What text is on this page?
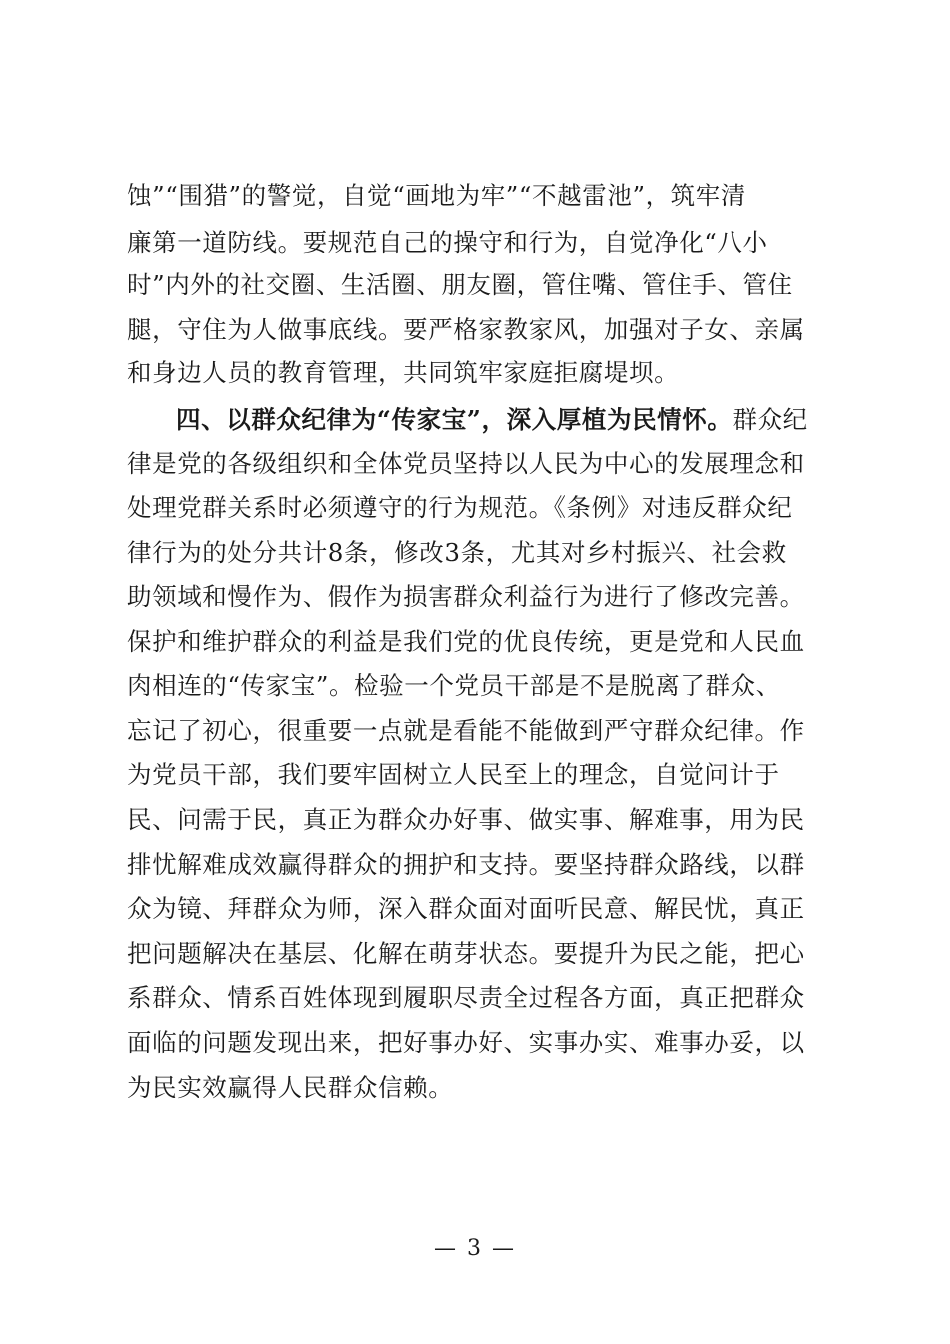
蚀”“围猎”的警觉，自觉“画地为牢”“不越雷池”，筑牢清
廉第一道防线。要规范自己的操守和行为，自觉净化“八小
时”内外的社交圈、生活圈、朋友圈，管住嘴、管住手、管住
腿，守住为人做事底线。要严格家教家风，加强对子女、亲属
和身边人员的教育管理，共同筑牢家庭拒腐堤坝。
四、以群众纪律为“传家宝”，深入厚植为民情怀。群众纪
律是党的各级组织和全体党员坚持以人民为中心的发展理念和
处理党群关系时必须遵守的行为规范。《条例》对违反群众纪
律行为的处分共计8条，修改3条，尤其对乡村振兴、社会救
助领域和慢作为、假作为损害群众利益行为进行了修改完善。
保护和维护群众的利益是我们党的优良传统，更是党和人民血
肉相连的“传家宝”。检验一个党员干部是不是脱离了群众、
忘记了初心，很重要一点就是看能不能做到严守群众纪律。作
为党员干部，我们要牢固树立人民至上的理念，自觉问计于
民、问需于民，真正为群众办好事、做实事、解难事，用为民
排忧解难成效赢得群众的拥护和支持。要坚持群众路线，以群
众为镜、拜群众为师，深入群众面对面听民意、解民忧，真正
把问题解决在基层、化解在萌芽状态。要提升为民之能，把心
系群众、情系百姓体现到履职尽责全过程各方面，真正把群众
面临的问题发现出来，把好事办好、实事办实、难事办妥，以
为民实效赢得人民群众信赖。
— 3 —
